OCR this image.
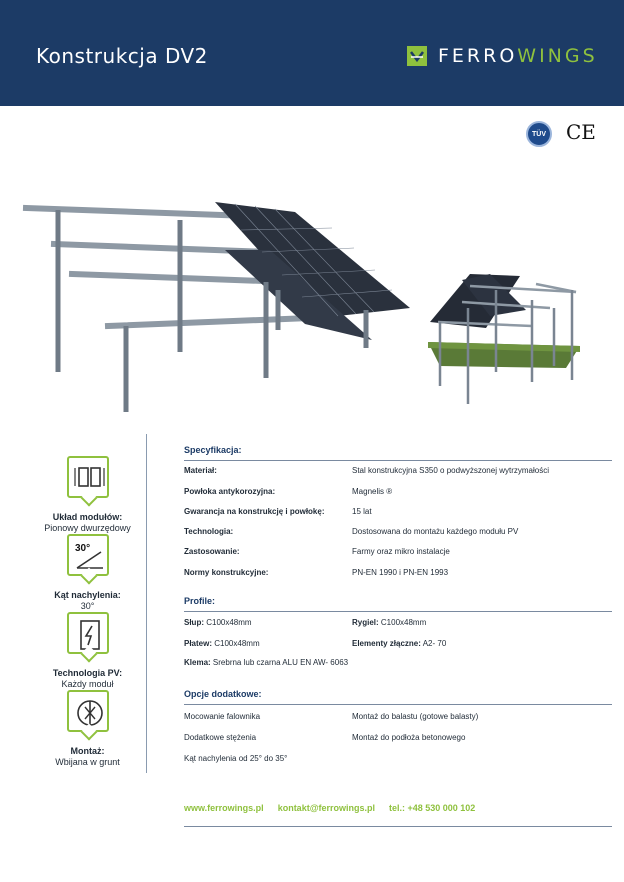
Konstrukcja DV2	FERROWINGS
TÜV	CE
Układ modułów:
Pionowy dwurzędowy
30°
Kąt nachylenia:
30°
Technologia PV:
Każdy moduł
Montaż:
Wbijana w grunt
Specyfikacja:
Materiał:	Stal konstrukcyjna S350 o podwyższonej wytrzymałości
Powłoka antykorozyjna:	Magnelis ®
Gwarancja na konstrukcję i powłokę:	15 lat
Technologia:	Dostosowana do montażu każdego modułu PV
Zastosowanie:	Farmy oraz mikro instalacje
Normy konstrukcyjne:	PN-EN 1990 i PN-EN 1993
Profile:
Słup: C100x48mm	Rygiel: C100x48mm
Płatew: C100x48mm	Elementy złączne: A2- 70
Klema: Srebrna lub czarna ALU EN AW- 6063
Opcje dodatkowe:
Mocowanie falownika	Montaż do balastu (gotowe balasty)
Dodatkowe stężenia	Montaż do podłoża betonowego
Kąt nachylenia od 25° do 35°
www.ferrowings.pl kontakt@ferrowings.pl tel.: +48 530 000 102
